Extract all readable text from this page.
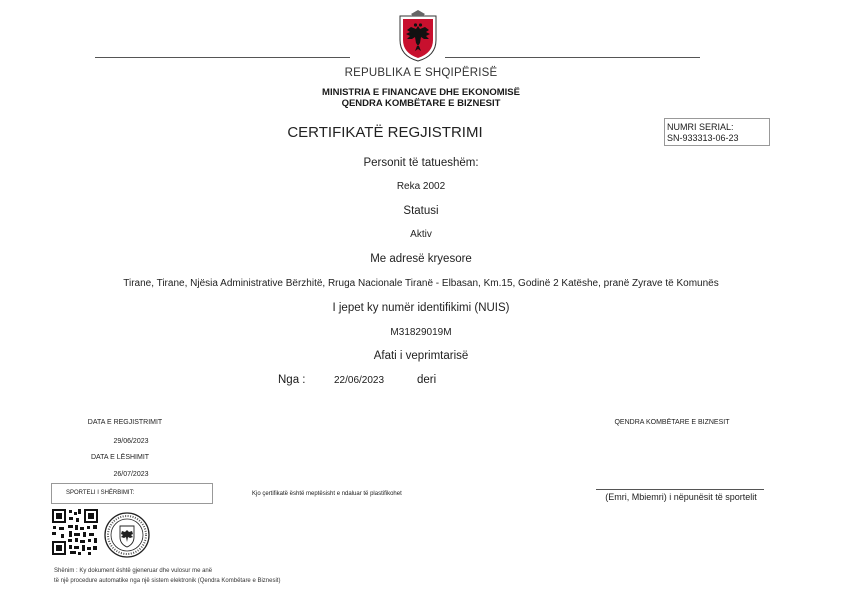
REPUBLIKA E SHQIPËRISË
MINISTRIA E FINANCAVE DHE EKONOMISË
QENDRA KOMBËTARE E BIZNESIT
CERTIFIKATË REGJISTRIMI	NUMRI SERIAL:
SN-933313-06-23
Personit të tatueshëm:
Reka 2002
Statusi
Aktiv
Me adresë kryesore
Tirane, Tirane, Njësia Administrative Bërzhitë, Rruga Nacionale Tiranë - Elbasan, Km.15, Godinë 2 Katëshe, pranë Zyrave të Komunës
I jepet ky numër identifikimi (NUIS)
M31829019M
Afati i veprimtarisë
Nga :	22/06/2023	deri
DATA E REGJISTRIMIT
29/06/2023
DATA E LËSHIMIT
26/07/2023
QENDRA KOMBËTARE E BIZNESIT
SPORTELI I SHËRBIMIT:	Kjo çertifikatë është meptësisht e ndaluar të plastifikohet	(Emri, Mbiemri) i nëpunësit të sportelit
Shënim : Ky dokument është gjeneruar dhe vulosur me anë
të një procedure automatike nga një sistem elektronik (Qendra Kombëtare e Biznesit)
